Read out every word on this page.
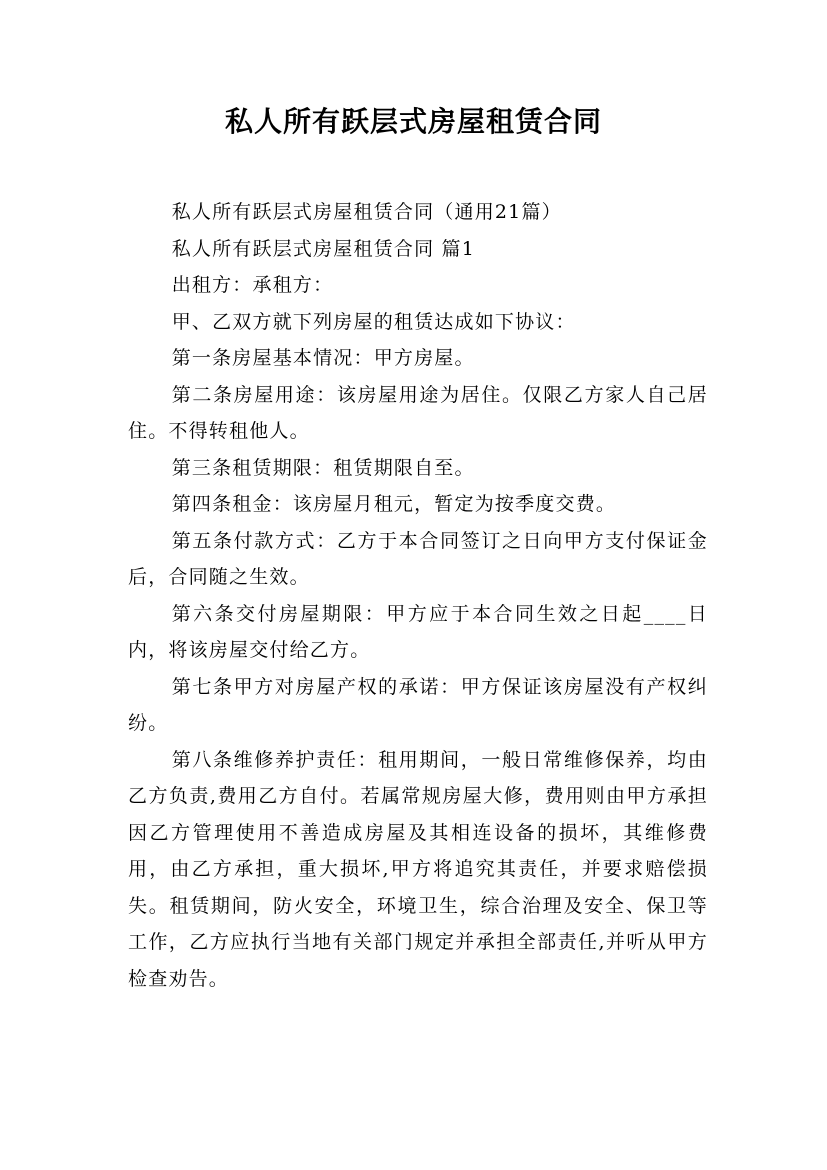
私人所有跃层式房屋租赁合同

私人所有跃层式房屋租赁合同（通用21篇）

私人所有跃层式房屋租赁合同 篇1

出租方：承租方：

甲、乙双方就下列房屋的租赁达成如下协议：

第一条房屋基本情况：甲方房屋。

第二条房屋用途：该房屋用途为居住。仅限乙方家人自己居住。不得转租他人。

第三条租赁期限：租赁期限自至。

第四条租金：该房屋月租元，暂定为按季度交费。

第五条付款方式：乙方于本合同签订之日向甲方支付保证金后，合同随之生效。

第六条交付房屋期限：甲方应于本合同生效之日起____日内，将该房屋交付给乙方。

第七条甲方对房屋产权的承诺：甲方保证该房屋没有产权纠纷。

第八条维修养护责任：租用期间，一般日常维修保养，均由乙方负责,费用乙方自付。若属常规房屋大修，费用则由甲方承担因乙方管理使用不善造成房屋及其相连设备的损坏，其维修费用，由乙方承担，重大损坏,甲方将追究其责任，并要求赔偿损失。租赁期间，防火安全，环境卫生，综合治理及安全、保卫等工作，乙方应执行当地有关部门规定并承担全部责任,并听从甲方检查劝告。
